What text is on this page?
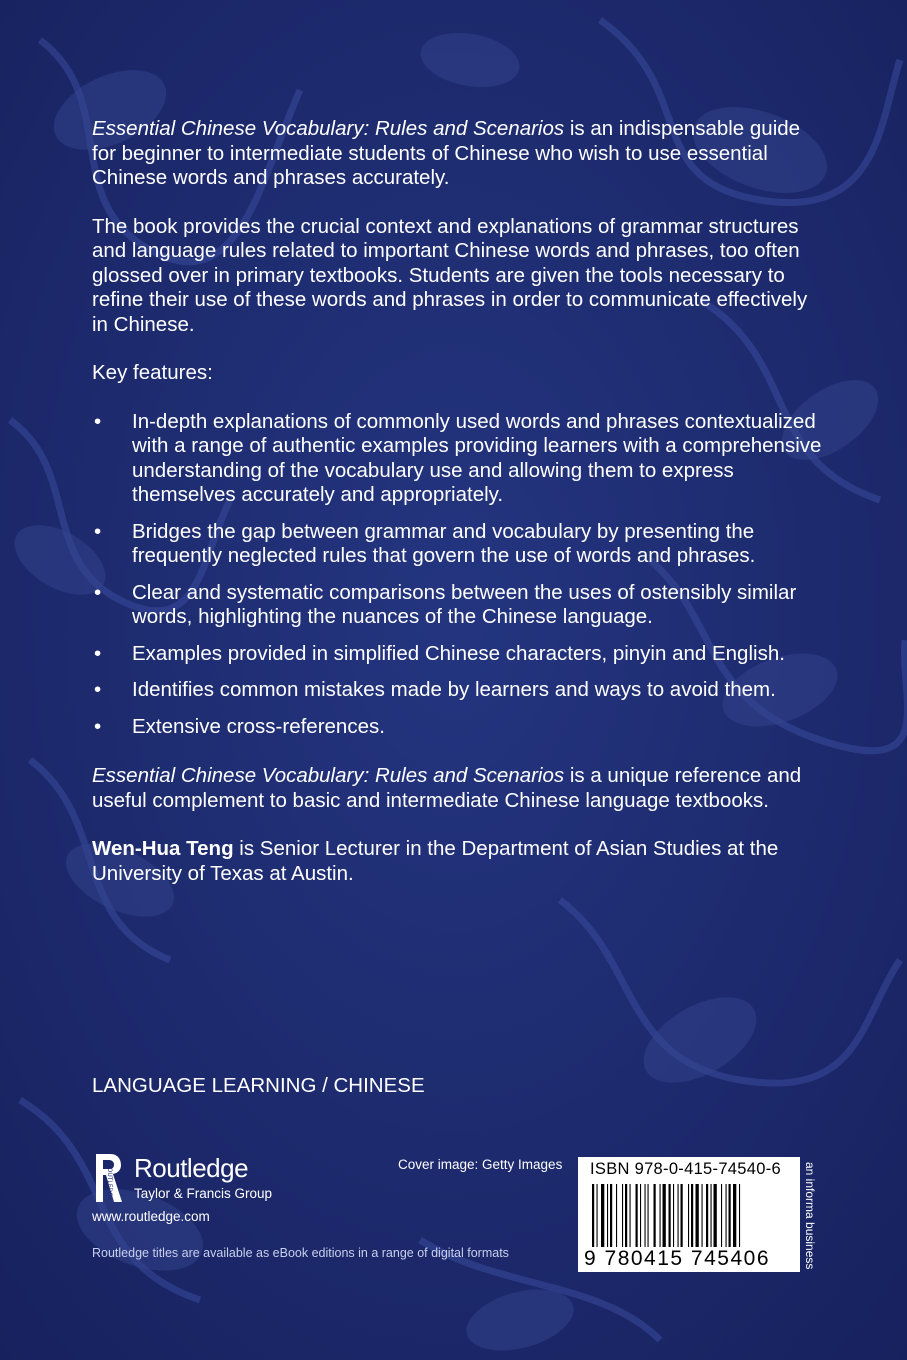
Essential Chinese Vocabulary: Rules and Scenarios is an indispensable guide for beginner to intermediate students of Chinese who wish to use essential Chinese words and phrases accurately.

The book provides the crucial context and explanations of grammar structures and language rules related to important Chinese words and phrases, too often glossed over in primary textbooks. Students are given the tools necessary to refine their use of these words and phrases in order to communicate effectively in Chinese.

Key features:

• In-depth explanations of commonly used words and phrases contextualized with a range of authentic examples providing learners with a comprehensive understanding of the vocabulary use and allowing them to express themselves accurately and appropriately.
• Bridges the gap between grammar and vocabulary by presenting the frequently neglected rules that govern the use of words and phrases.
• Clear and systematic comparisons between the uses of ostensibly similar words, highlighting the nuances of the Chinese language.
• Examples provided in simplified Chinese characters, pinyin and English.
• Identifies common mistakes made by learners and ways to avoid them.
• Extensive cross-references.

Essential Chinese Vocabulary: Rules and Scenarios is a unique reference and useful complement to basic and intermediate Chinese language textbooks.

Wen-Hua Teng is Senior Lecturer in the Department of Asian Studies at the University of Texas at Austin.

LANGUAGE LEARNING / CHINESE
ROUTLEDGE Routledge
Taylor & Francis Group
www.routledge.com
Routledge titles are available as eBook editions in a range of digital formats
Cover image: Getty Images ISBN 978-0-415-74540-6
9 780415 745406	an informa business
